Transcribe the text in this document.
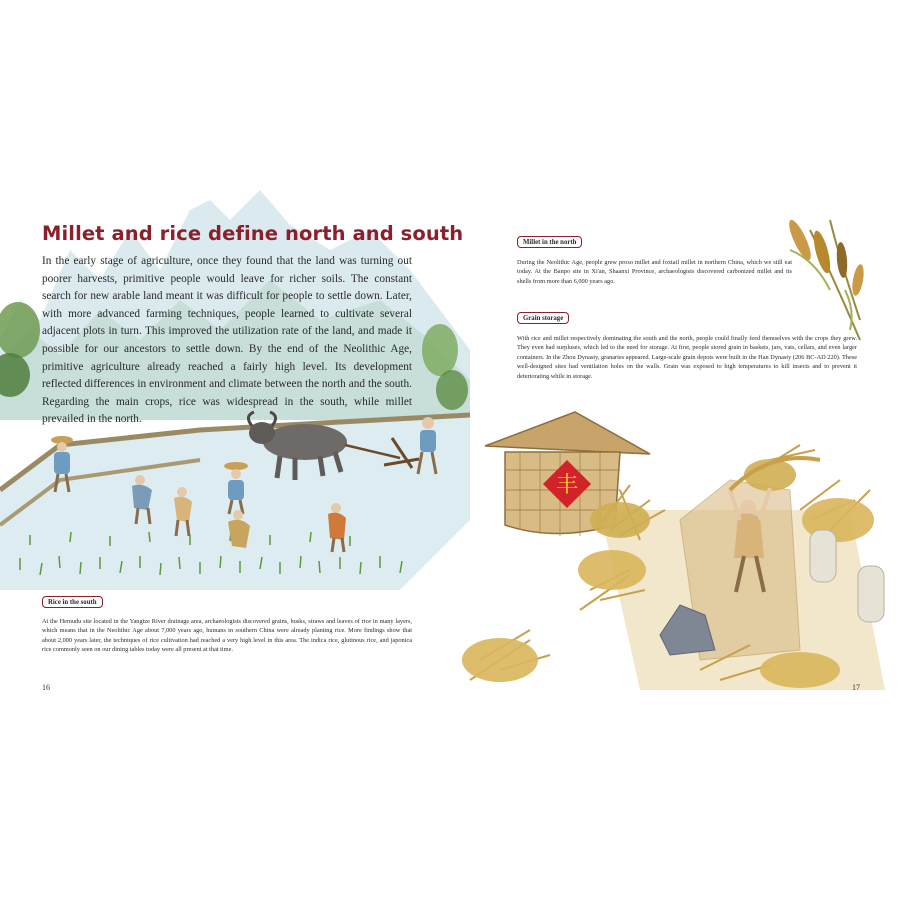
丰
Millet and rice define north and south

In the early stage of agriculture, once they found that the land was turning out poorer harvests, primitive people would leave for richer soils. The constant search for new arable land meant it was difficult for people to settle down. Later, with more advanced farming techniques, people learned to cultivate several adjacent plots in turn. This improved the utilization rate of the land, and made it possible for our ancestors to settle down. By the end of the Neolithic Age, primitive agriculture already reached a fairly high level. Its development reflected differences in environment and climate between the north and the south. Regarding the main crops, rice was widespread in the south, while millet prevailed in the north.

Rice in the south

At the Hemudu site located in the Yangtze River drainage area, archaeologists discovered grains, husks, straws and leaves of rice in many layers, which means that in the Neolithic Age about 7,000 years ago, humans in southern China were already planting rice. More findings show that about 2,000 years later, the techniques of rice cultivation had reached a very high level in this area. The indica rice, glutinous rice, and japonica rice commonly seen on our dining tables today were all present at that time.

Millet in the north

During the Neolithic Age, people grew proso millet and foxtail millet in northern China, which we still eat today. At the Banpo site in Xi'an, Shaanxi Province, archaeologists discovered carbonized millet and its shells from more than 6,000 years ago.

Grain storage

With rice and millet respectively dominating the south and the north, people could finally feed themselves with the crops they grew. They even had surpluses, which led to the need for storage. At first, people stored grain in baskets, jars, vats, cellars, and even larger containers. In the Zhou Dynasty, granaries appeared. Large-scale grain depots were built in the Han Dynasty (206 BC-AD 220). These well-designed sites had ventilation holes on the walls. Grain was exposed to high temperatures to kill insects and to prevent it deteriorating while in storage.

16	17
